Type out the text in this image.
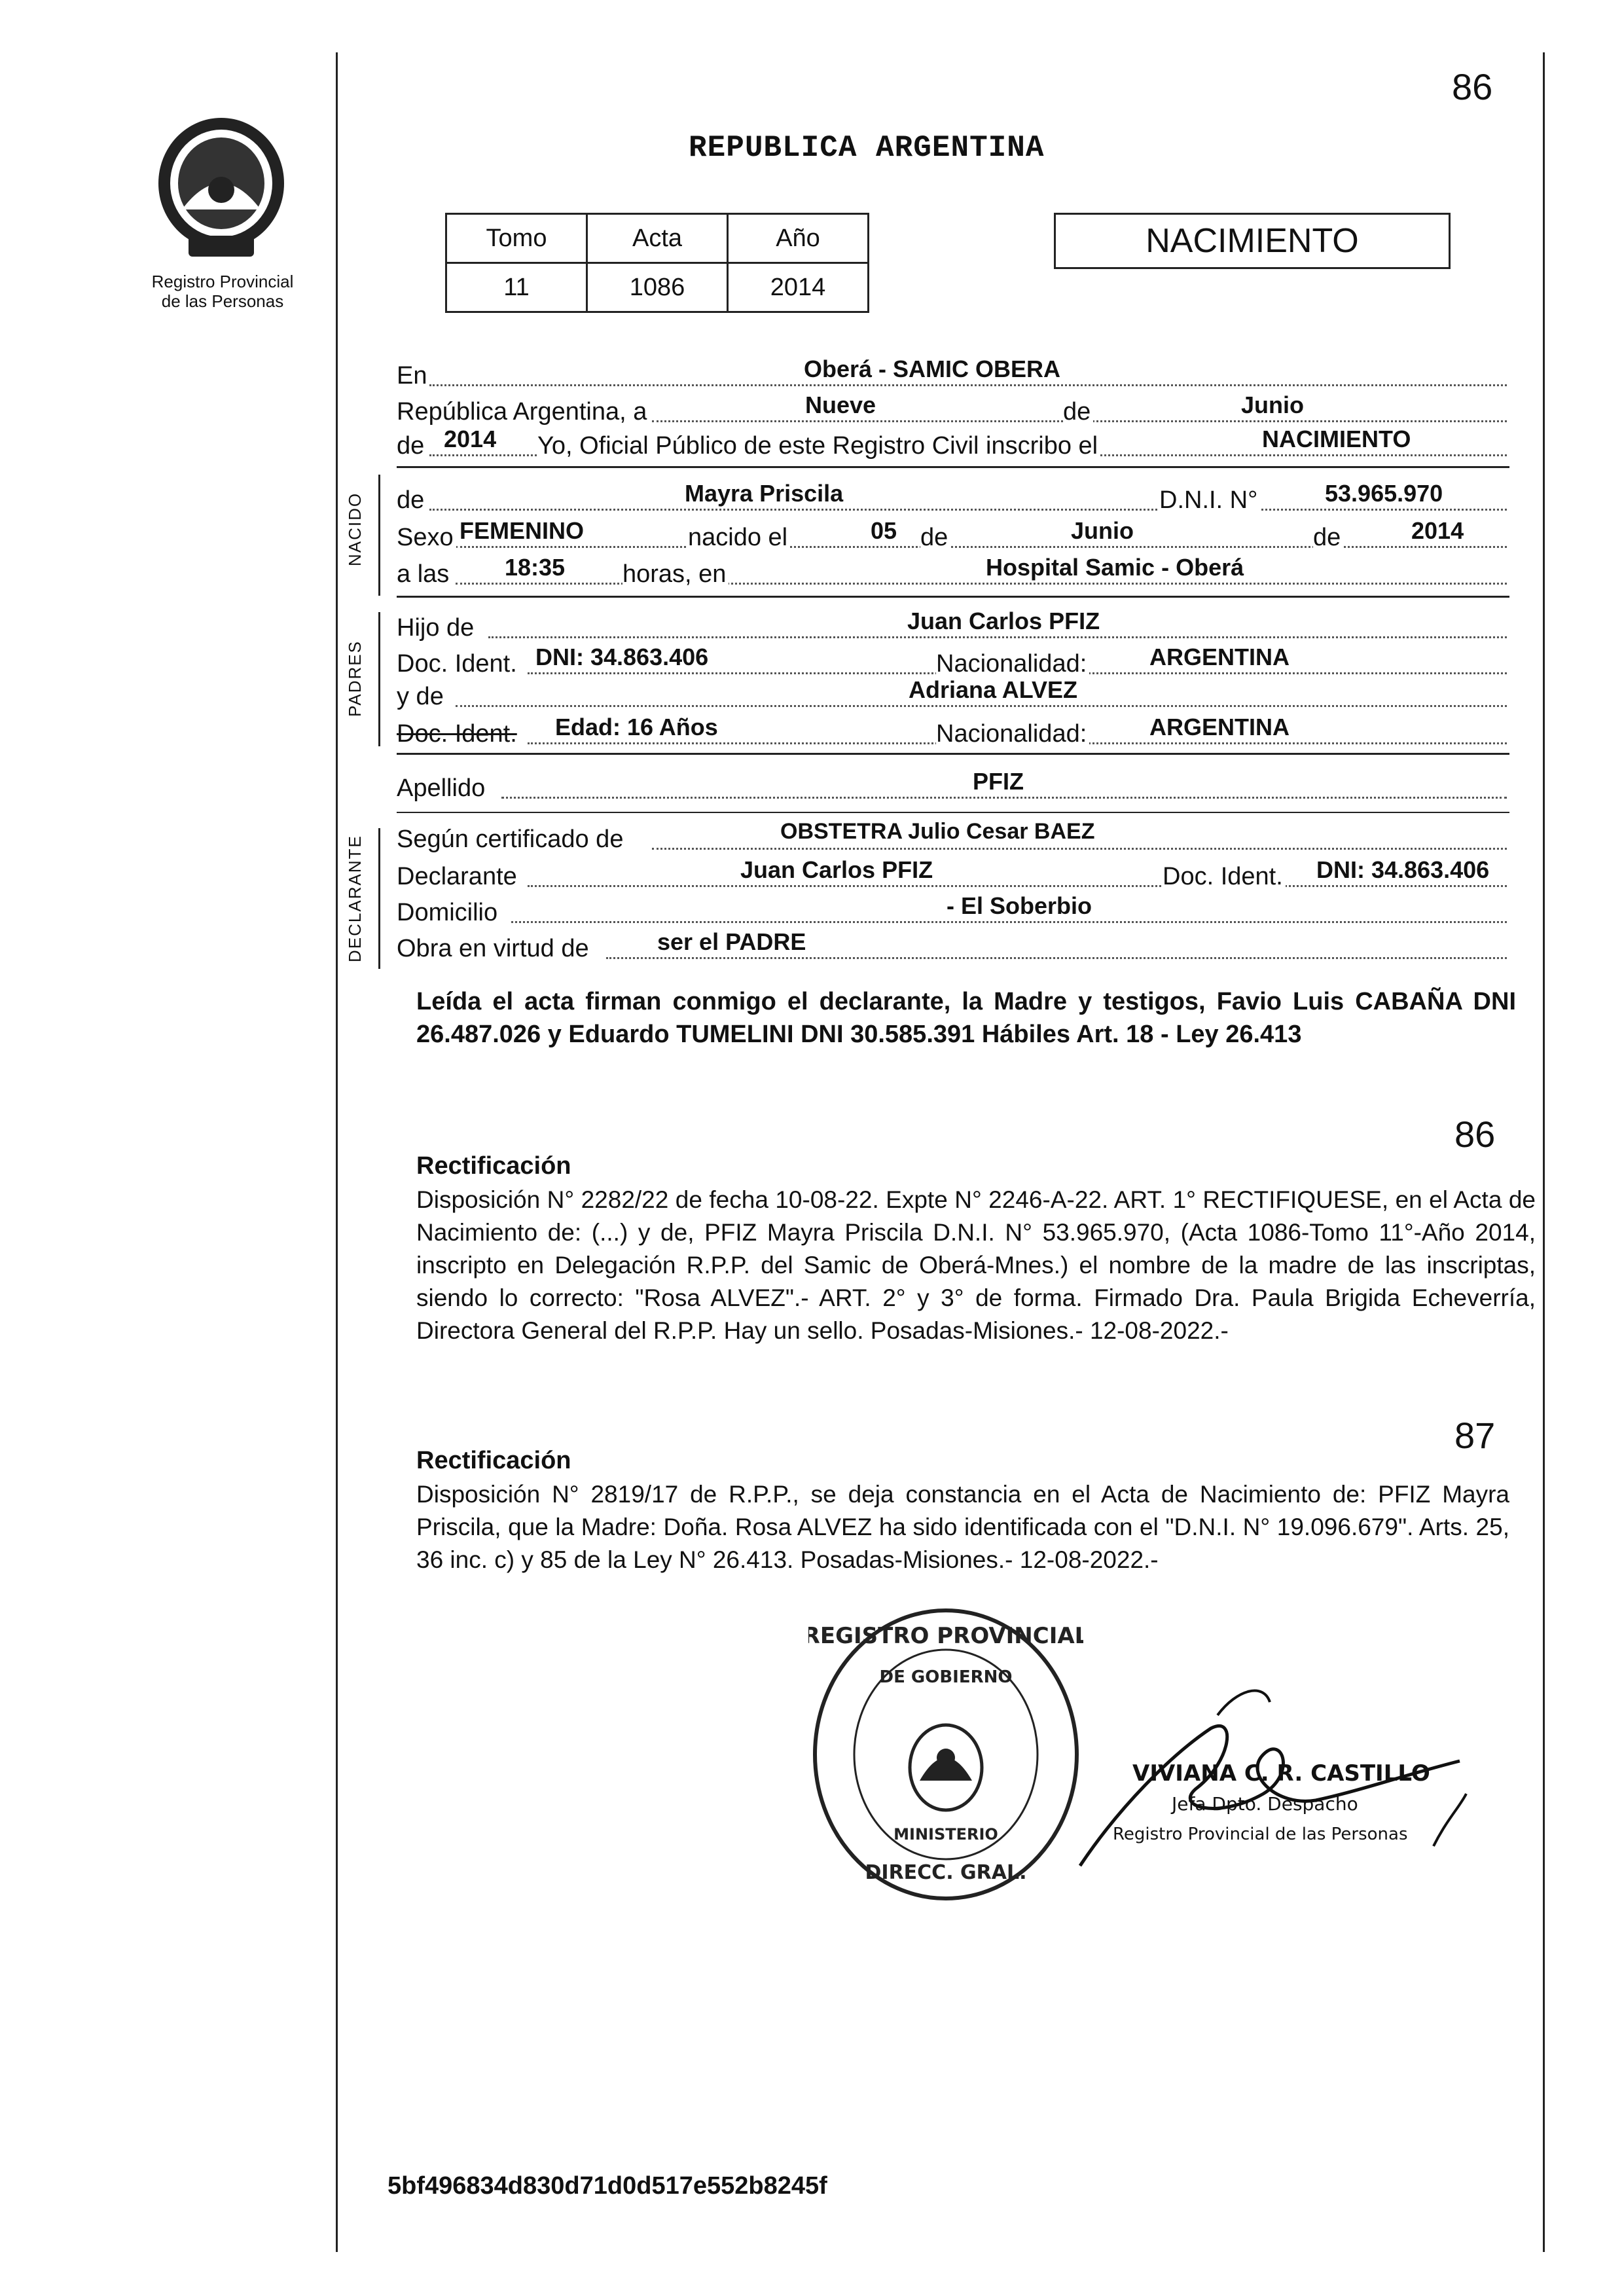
86
Registro Provincial
de las Personas
REPUBLICA ARGENTINA
Tomo	Acta	Año
11	1086	2014
NACIMIENTO
NACIDO
PADRES
DECLARANTE
En	Oberá - SAMIC OBERA
República Argentina, a	Nueve	de	Junio
de 2014 Yo, Oficial Público de este Registro Civil inscribo el	NACIMIENTO
de	Mayra Priscila	D.N.I. N°	53.965.970
Sexo FEMENINO	nacido el	05 de	Junio	de	2014
a las 18:35 horas, en	Hospital Samic - Oberá
Hijo de	Juan Carlos PFIZ
Doc. Ident. DNI: 34.863.406	Nacionalidad:	ARGENTINA
y de	Adriana ALVEZ
Doc. Ident. Edad: 16 Años	Nacionalidad:	ARGENTINA
Apellido	PFIZ
Según certificado de	OBSTETRA Julio Cesar BAEZ
Declarante	Juan Carlos PFIZ	Doc. Ident. DNI: 34.863.406
Domicilio	- El Soberbio
Obra en virtud de	ser el PADRE
Leída el acta firman conmigo el declarante, la Madre y testigos, Favio Luis CABAÑA DNI 26.487.026 y Eduardo TUMELINI DNI 30.585.391 Hábiles Art. 18 - Ley 26.413
86
Rectificación
Disposición N° 2282/22 de fecha 10-08-22. Expte N° 2246-A-22. ART. 1° RECTIFIQUESE, en el Acta de Nacimiento de: (...) y de, PFIZ Mayra Priscila D.N.I. N° 53.965.970, (Acta 1086-Tomo 11°-Año 2014, inscripto en Delegación R.P.P. del Samic de Oberá-Mnes.) el nombre de la madre de las inscriptas, siendo lo correcto: "Rosa ALVEZ".- ART. 2° y 3° de forma. Firmado Dra. Paula Brigida Echeverría, Directora General del R.P.P. Hay un sello. Posadas-Misiones.- 12-08-2022.-
87
Rectificación
Disposición N° 2819/17 de R.P.P., se deja constancia en el Acta de Nacimiento de: PFIZ Mayra Priscila, que la Madre: Doña. Rosa ALVEZ ha sido identificada con el "D.N.I. N° 19.096.679". Arts. 25, 36 inc. c) y 85 de la Ley N° 26.413. Posadas-Misiones.- 12-08-2022.-
REGISTRO PROVINCIAL
DIRECC. GRAL.
DE GOBIERNO
MINISTERIO
VIVIANA C. R. CASTILLO
Jefa Dpto. Despacho
Registro Provincial de las Personas
5bf496834d830d71d0d517e552b8245f
